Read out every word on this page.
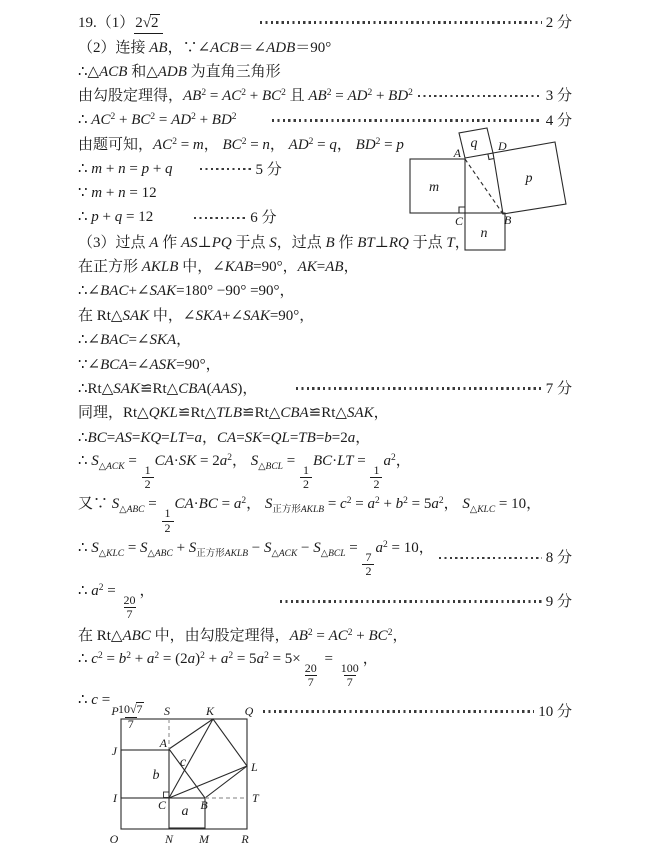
19.（1）2√2	2 分
（2）连接 AB，∵∠ACB＝∠ADB＝90°
∴△ACB 和△ADB 为直角三角形
由勾股定理得，$AB^2 = AC^2 + BC^2$ 且 $AB^2 = AD^2 + BD^2$	3 分
∴ $AC^2 + BC^2 = AD^2 + BD^2$	4 分
由题可知，$AC^2 = m$， $BC^2 = n$， $AD^2 = q$， $BD^2 = p$
∴ m + n = p + q	5 分
∵ m + n = 12
∴ p + q = 12	6 分
（3）过点 A 作 AS⊥PQ 于点 S，过点 B 作 BT⊥RQ 于点 T，
在正方形 AKLB 中，∠KAB=90°，AK=AB，
∴∠BAC+∠SAK=180° −90° =90°，
在 Rt△SAK 中，∠SKA+∠SAK=90°，
∴∠BAC=∠SKA，
∵∠BCA=∠ASK=90°，
∴Rt△SAK≌Rt△CBA(AAS)，	7 分
同理，Rt△QKL≌Rt△TLB≌Rt△CBA≌Rt△SAK，
∴BC=AS=KQ=LT=a，CA=SK=QL=TB=b=2a，
∴ $S_{\triangle ACK}$ =
$\frac{1}{2}$
$CA\cdot SK = 2a^2$， $S_{\triangle BCL}$ =
$\frac{1}{2}$
BC·LT =
$\frac{1}{2}$
$a^2$，
又∵ $S_{\triangle ABC}$ =
$\frac{1}{2}$
$CA\cdot BC = a^2$， $S_{正方形AKLB} = c^2 = a^2 + b^2 = 5a^2$， $S_{\triangle KLC} = 10$，
∴ $S_{\triangle KLC} = S_{\triangle ABC} + S_{正方形AKLB} - S_{\triangle ACK} - S_{\triangle BCL}$ =
$\frac{7}{2}$
$a^2 = 10$，
8 分
∴ $a^2$ =
$\frac{20}{7}$
，
9 分
在 Rt△ABC 中，由勾股定理得，$AB^2 = AC^2 + BC^2$，
∴ $c^2 = b^2 + a^2 = (2a)^2 + a^2 = 5a^2 = 5\times$
$\frac{20}{7}$
=
$\frac{100}{7}$
，
∴ c =
$\frac{10√7}{7}$	10 分
A
q D
m
p
C	B
n
P	S	K	Q
J
I
O	N M	R
A
L
T
C	B
a
b
c
